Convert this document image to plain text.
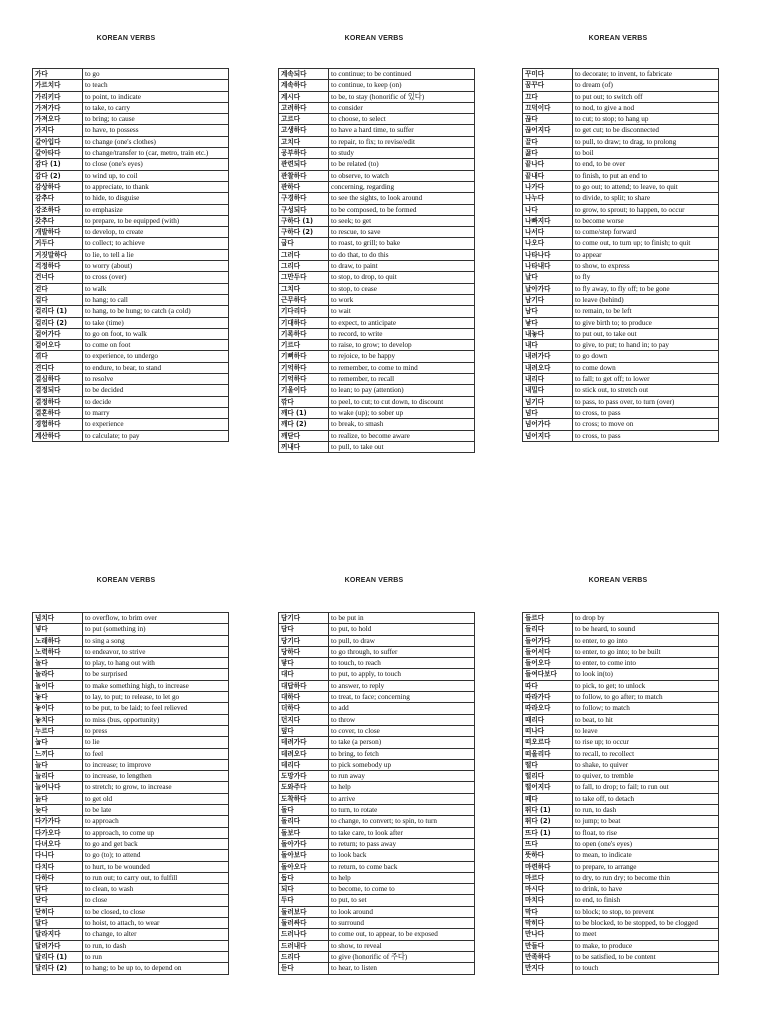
KOREAN VERBS
가다	to go
가르치다	to teach
가리키다	to point, to indicate
가져가다	to take, to carry
가져오다	to bring; to cause
가지다	to have, to possess
갈아입다	to change (one's clothes)
갈아타다	to change/transfer to (car, metro, train etc.)
감다 (1)	to close (one's eyes)
감다 (2)	to wind up, to coil
감상하다	to appreciate, to thank
감추다	to hide, to disguise
강조하다	to emphasize
갖추다	to prepare, to be equipped (with)
개발하다	to develop, to create
거두다	to collect; to achieve
거짓말하다	to lie, to tell a lie
걱정하다	to worry (about)
건너다	to cross (over)
걷다	to walk
걸다	to hang; to call
걸리다 (1)	to hang, to be hung; to catch (a cold)
걸리다 (2)	to take (time)
걸어가다	to go on foot, to walk
걸어오다	to come on foot
겪다	to experience, to undergo
견디다	to endure, to bear, to stand
결심하다	to resolve
결정되다	to be decided
결정하다	to decide
결혼하다	to marry
경험하다	to experience
계산하다	to calculate; to pay
KOREAN VERBS
계속되다	to continue; to be continued
계속하다	to continue, to keep (on)
계시다	to be, to stay (honorific of 있다)
고려하다	to consider
고르다	to choose, to select
고생하다	to have a hard time, to suffer
고치다	to repair, to fix; to revise/edit
공부하다	to study
관련되다	to be related (to)
관찰하다	to observe, to watch
관하다	concerning, regarding
구경하다	to see the sights, to look around
구성되다	to be composed, to be formed
구하다 (1)	to seek; to get
구하다 (2)	to rescue, to save
굽다	to roast, to grill; to bake
그러다	to do that, to do this
그리다	to draw, to paint
그만두다	to stop, to drop, to quit
그치다	to stop, to cease
근무하다	to work
기다리다	to wait
기대하다	to expect, to anticipate
기록하다	to record, to write
기르다	to raise, to grow; to develop
기뻐하다	to rejoice, to be happy
기억하다	to remember, to come to mind
기억하다	to remember, to recall
기울이다	to lean; to pay (attention)
깎다	to peel, to cut; to cut down, to discount
깨다 (1)	to wake (up); to sober up
깨다 (2)	to break, to smash
깨닫다	to realize, to become aware
꺼내다	to pull, to take out
KOREAN VERBS
꾸미다	to decorate; to invent, to fabricate
꿈꾸다	to dream (of)
끄다	to put out; to switch off
끄덕이다	to nod, to give a nod
끊다	to cut; to stop; to hang up
끊어지다	to get cut; to be disconnected
끌다	to pull, to draw; to drag, to prolong
끓다	to boil
끝나다	to end, to be over
끝내다	to finish, to put an end to
나가다	to go out; to attend; to leave, to quit
나누다	to divide, to split; to share
나다	to grow, to sprout; to happen, to occur
나빠지다	to become worse
나서다	to come/step forward
나오다	to come out, to turn up; to finish; to quit
나타나다	to appear
나타내다	to show, to express
날다	to fly
날아가다	to fly away, to fly off; to be gone
남기다	to leave (behind)
남다	to remain, to be left
낳다	to give birth to; to produce
내놓다	to put out, to take out
내다	to give, to put; to hand in; to pay
내려가다	to go down
내려오다	to come down
내리다	to fall; to get off; to lower
내밀다	to stick out, to stretch out
넘기다	to pass, to pass over, to turn (over)
넘다	to cross, to pass
넘어가다	to cross; to move on
넘어지다	to cross, to pass
KOREAN VERBS
넘치다	to overflow, to brim over
넣다	to put (something in)
노래하다	to sing a song
노력하다	to endeavor, to strive
놀다	to play, to hang out with
놀라다	to be surprised
놀이다	to make something high, to increase
놓다	to lay, to put; to release, to let go
놓이다	to be put, to be laid; to feel relieved
놓치다	to miss (bus, opportunity)
누르다	to press
눕다	to lie
느끼다	to feel
늘다	to increase; to improve
늘리다	to increase, to lengthen
늘어나다	to stretch; to grow, to increase
늙다	to get old
늦다	to be late
다가가다	to approach
다가오다	to approach, to come up
다녀오다	to go and get back
다니다	to go (to); to attend
다치다	to hurt, to be wounded
다하다	to run out; to carry out, to fulfill
닦다	to clean, to wash
닫다	to close
닫히다	to be closed, to close
달다	to hoist, to attach, to wear
달라지다	to change, to alter
달려가다	to run, to dash
달리다 (1)	to run
달리다 (2)	to hang; to be up to, to depend on
KOREAN VERBS
담기다	to be put in
담다	to put, to hold
당기다	to pull, to draw
당하다	to go through, to suffer
닿다	to touch, to reach
대다	to put, to apply, to touch
대답하다	to answer, to reply
대하다	to treat, to face; concerning
더하다	to add
던지다	to throw
덮다	to cover, to close
데려가다	to take (a person)
데려오다	to bring, to fetch
데리다	to pick somebody up
도망가다	to run away
도와주다	to help
도착하다	to arrive
돌다	to turn, to rotate
돌리다	to change, to convert; to spin, to turn
돌보다	to take care, to look after
돌아가다	to return; to pass away
돌아보다	to look back
돌아오다	to return, to come back
돕다	to help
되다	to become, to come to
두다	to put, to set
둘러보다	to look around
둘러싸다	to surround
드러나다	to come out, to appear, to be exposed
드러내다	to show, to reveal
드리다	to give (honorific of 주다)
듣다	to hear, to listen
KOREAN VERBS
들르다	to drop by
들리다	to be heard, to sound
들어가다	to enter, to go into
들어서다	to enter, to go into; to be built
들어오다	to enter, to come into
들여다보다	to look in(to)
따다	to pick, to get; to unlock
따라가다	to follow, to go after; to match
따라오다	to follow; to match
때리다	to beat, to hit
떠나다	to leave
떠오르다	to rise up; to occur
떠올리다	to recall, to recollect
떨다	to shake, to quiver
떨리다	to quiver, to tremble
떨어지다	to fall, to drop; to fail; to run out
떼다	to take off, to detach
뛰다 (1)	to run, to dash
뛰다 (2)	to jump; to beat
뜨다 (1)	to float, to rise
뜨다	to open (one's eyes)
뜻하다	to mean, to indicate
마련하다	to prepare, to arrange
마르다	to dry, to run dry; to become thin
마시다	to drink, to have
마치다	to end, to finish
막다	to block; to stop, to prevent
막히다	to be blocked, to be stopped, to be clogged
만나다	to meet
만들다	to make, to produce
만족하다	to be satisfied, to be content
만지다	to touch
